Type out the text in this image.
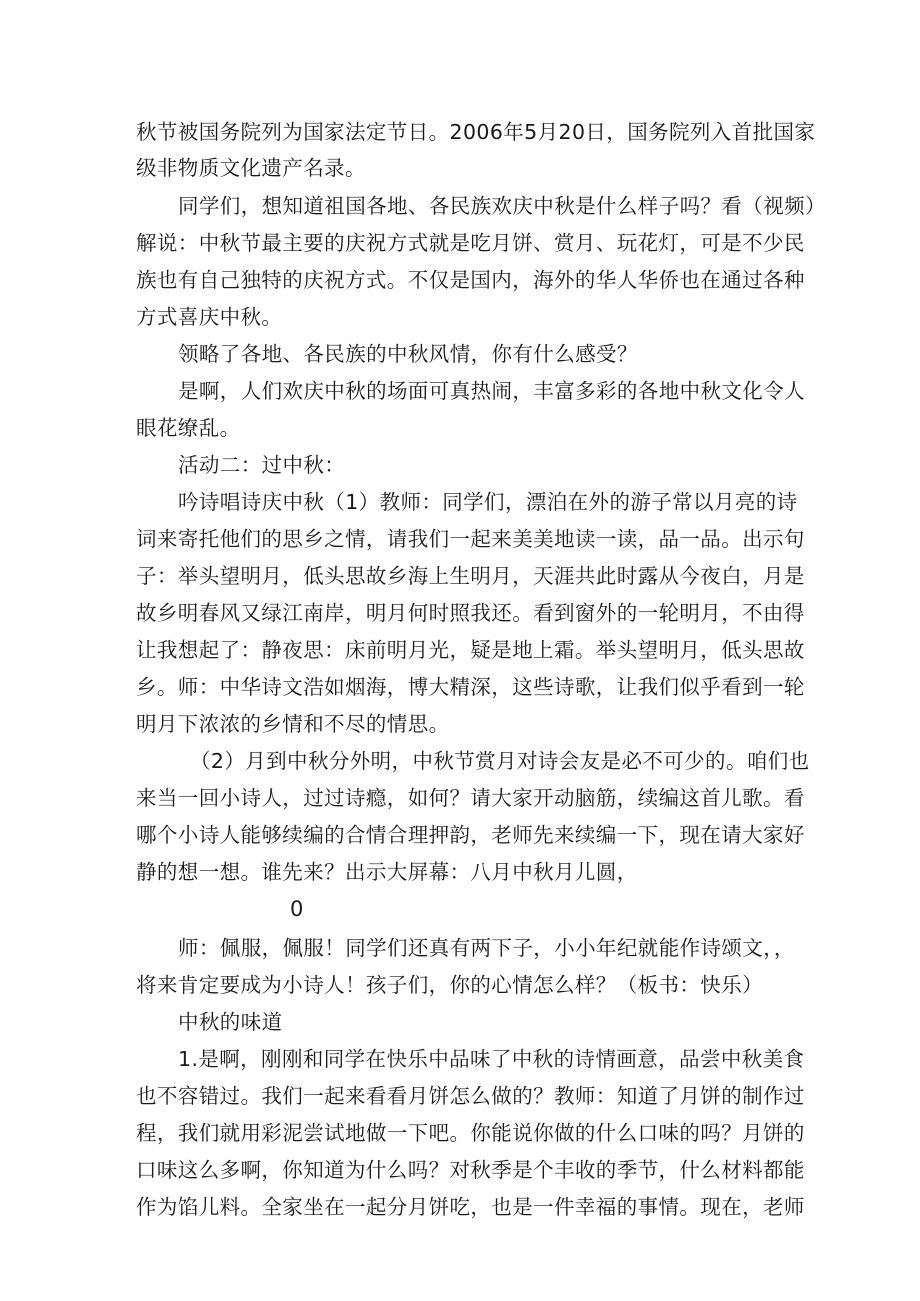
秋节被国务院列为国家法定节日。2006年5月20日，国务院列入首批国家
级非物质文化遗产名录。
同学们，想知道祖国各地、各民族欢庆中秋是什么样子吗？看（视频）
解说：中秋节最主要的庆祝方式就是吃月饼、赏月、玩花灯，可是不少民
族也有自己独特的庆祝方式。不仅是国内，海外的华人华侨也在通过各种
方式喜庆中秋。
领略了各地、各民族的中秋风情，你有什么感受？
是啊，人们欢庆中秋的场面可真热闹，丰富多彩的各地中秋文化令人
眼花缭乱。
活动二：过中秋：
吟诗唱诗庆中秋（1）教师：同学们，漂泊在外的游子常以月亮的诗
词来寄托他们的思乡之情，请我们一起来美美地读一读，品一品。出示句
子：举头望明月，低头思故乡海上生明月，天涯共此时露从今夜白，月是
故乡明春风又绿江南岸，明月何时照我还。看到窗外的一轮明月，不由得
让我想起了：静夜思：床前明月光，疑是地上霜。举头望明月，低头思故
乡。师：中华诗文浩如烟海，博大精深，这些诗歌，让我们似乎看到一轮
明月下浓浓的乡情和不尽的情思。
（2）月到中秋分外明，中秋节赏月对诗会友是必不可少的。咱们也
来当一回小诗人，过过诗瘾，如何？请大家开动脑筋，续编这首儿歌。看
哪个小诗人能够续编的合情合理押韵，老师先来续编一下，现在请大家好
静的想一想。谁先来？出示大屏幕：八月中秋月儿圆，
0
师：佩服，佩服！同学们还真有两下子，小小年纪就能作诗颂文，，
将来肯定要成为小诗人！孩子们，你的心情怎么样？（板书：快乐）
中秋的味道
1.是啊，刚刚和同学在快乐中品味了中秋的诗情画意，品尝中秋美食
也不容错过。我们一起来看看月饼怎么做的？教师：知道了月饼的制作过
程，我们就用彩泥尝试地做一下吧。你能说你做的什么口味的吗？月饼的
口味这么多啊，你知道为什么吗？对秋季是个丰收的季节，什么材料都能
作为馅儿料。全家坐在一起分月饼吃，也是一件幸福的事情。现在，老师
